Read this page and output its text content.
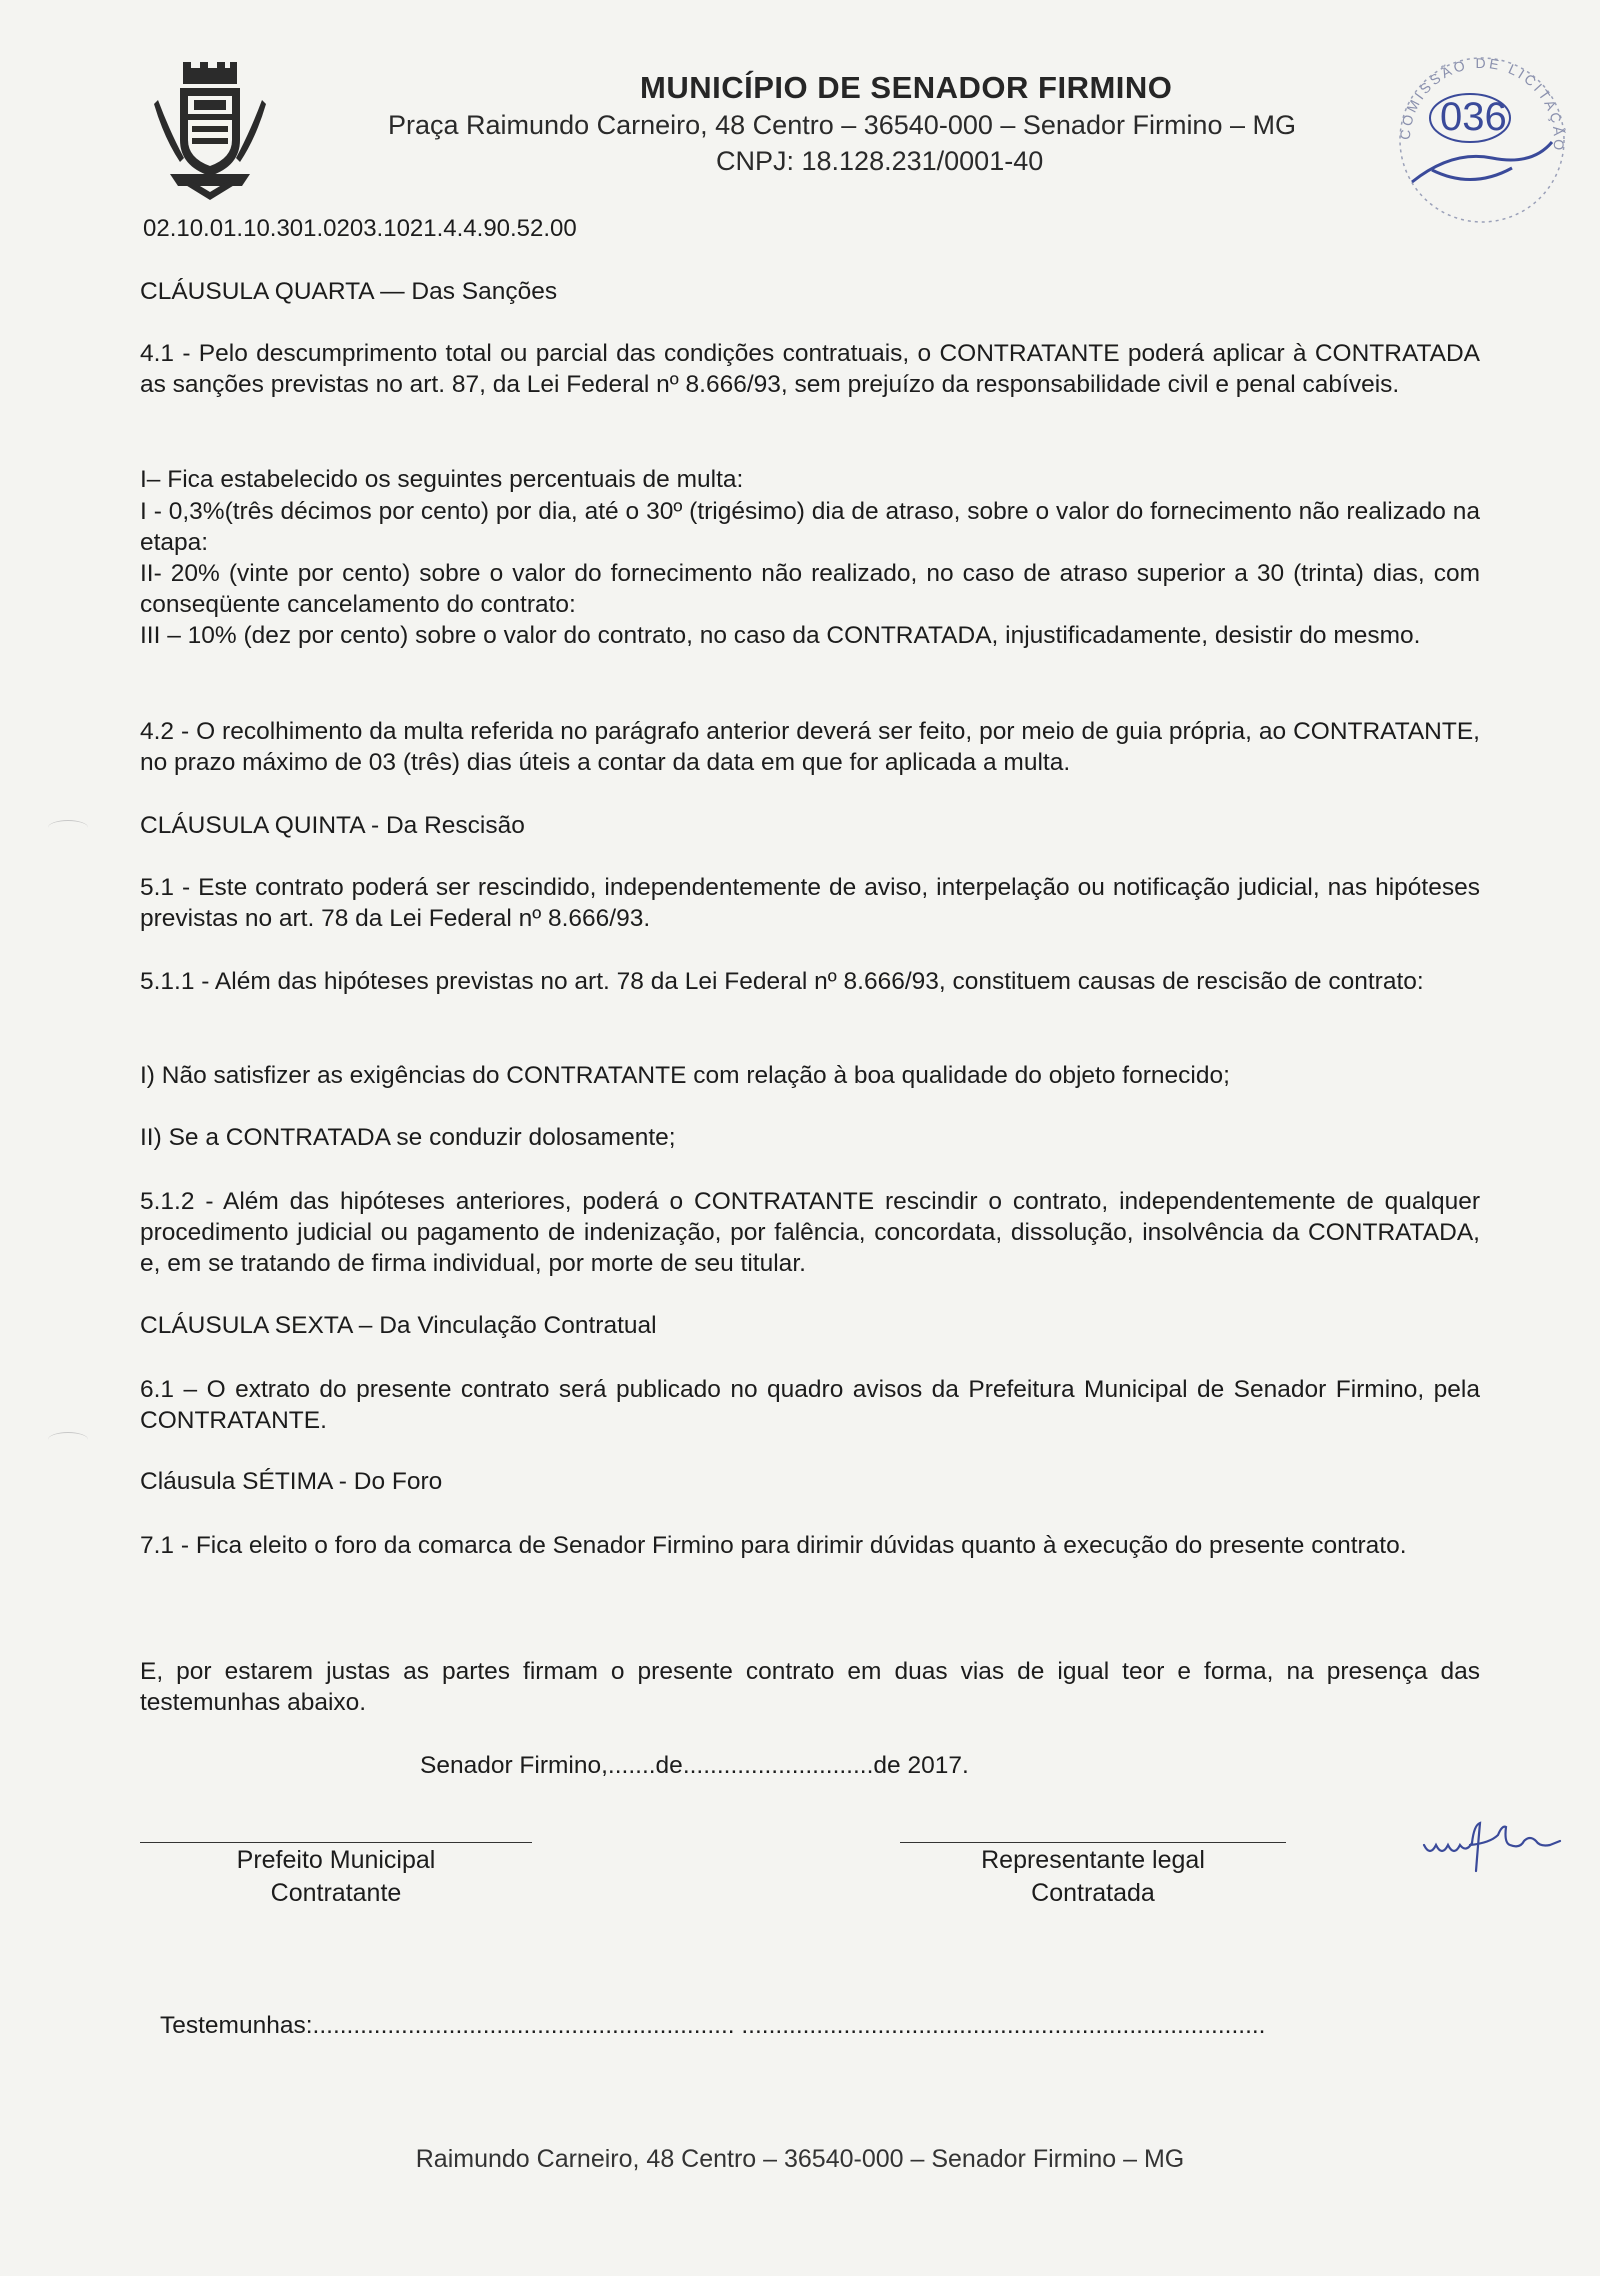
MUNICÍPIO DE SENADOR FIRMINO
Praça Raimundo Carneiro, 48 Centro – 36540-000 – Senador Firmino – MG
CNPJ: 18.128.231/0001-40
COMISSÃO DE LICITAÇÃO
036
02.10.01.10.301.0203.1021.4.4.90.52.00
CLÁUSULA QUARTA — Das Sanções
4.1 - Pelo descumprimento total ou parcial das condições contratuais, o CONTRATANTE poderá aplicar à CONTRATADA as sanções previstas no art. 87, da Lei Federal nº 8.666/93, sem prejuízo da responsabilidade civil e penal cabíveis.
I– Fica estabelecido os seguintes percentuais de multa:
I - 0,3%(três décimos por cento) por dia, até o 30º (trigésimo) dia de atraso, sobre o valor do fornecimento não realizado na etapa:
II- 20% (vinte por cento) sobre o valor do fornecimento não realizado, no caso de atraso superior a 30 (trinta) dias, com conseqüente cancelamento do contrato:
III – 10% (dez por cento) sobre o valor do contrato, no caso da CONTRATADA, injustificadamente, desistir do mesmo.
4.2 - O recolhimento da multa referida no parágrafo anterior deverá ser feito, por meio de guia própria, ao CONTRATANTE, no prazo máximo de 03 (três) dias úteis a contar da data em que for aplicada a multa.
CLÁUSULA QUINTA - Da Rescisão
5.1 - Este contrato poderá ser rescindido, independentemente de aviso, interpelação ou notificação judicial, nas hipóteses previstas no art. 78 da Lei Federal nº 8.666/93.
5.1.1 - Além das hipóteses previstas no art. 78 da Lei Federal nº 8.666/93, constituem causas de rescisão de contrato:
I) Não satisfizer as exigências do CONTRATANTE com relação à boa qualidade do objeto fornecido;
II) Se a CONTRATADA se conduzir dolosamente;
5.1.2 - Além das hipóteses anteriores, poderá o CONTRATANTE rescindir o contrato, independentemente de qualquer procedimento judicial ou pagamento de indenização, por falência, concordata, dissolução, insolvência da CONTRATADA, e, em se tratando de firma individual, por morte de seu titular.
CLÁUSULA SEXTA – Da Vinculação Contratual
6.1 – O extrato do presente contrato será publicado no quadro avisos da Prefeitura Municipal de Senador Firmino, pela CONTRATANTE.
Cláusula SÉTIMA - Do Foro
7.1 - Fica eleito o foro da comarca de Senador Firmino para dirimir dúvidas quanto à execução do presente contrato.
E, por estarem justas as partes firmam o presente contrato em duas vias de igual teor e forma, na presença das testemunhas abaixo.
Senador Firmino,.......de............................de 2017.
Prefeito Municipal
Contratante
Representante legal
Contratada
Testemunhas:.............................................................. .............................................................................
Raimundo Carneiro, 48 Centro – 36540-000 – Senador Firmino – MG
